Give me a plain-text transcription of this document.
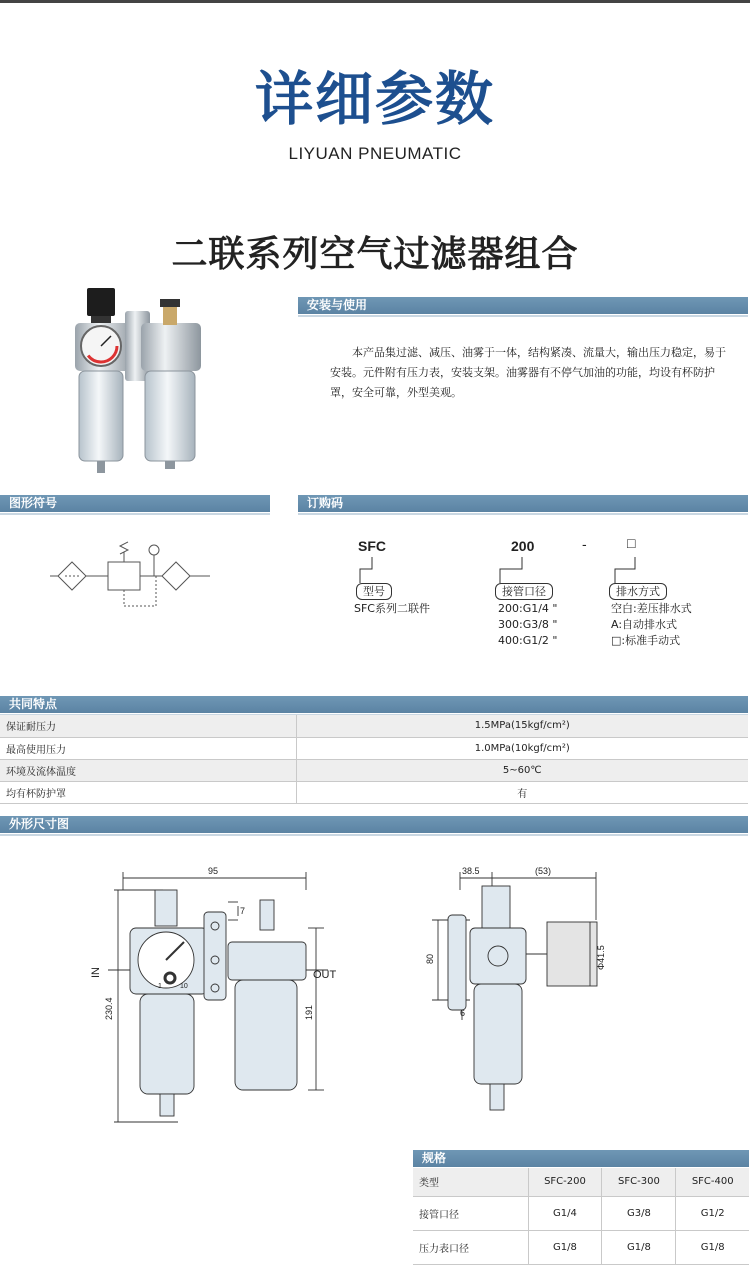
详细参数
LIYUAN PNEUMATIC
二联系列空气过滤器组合
安装与使用
本产品集过滤、减压、油雾于一体，结构紧凑、流量大，输出压力稳定，易于安装。元件附有压力表，安装支架。油雾器有不停气加油的功能，均设有杯防护罩，安全可靠，外型美观。
图形符号	订购码
SFC	200	-	□
型号
SFC系列二联件
接管口径
200:G1/4 "
300:G3/8 "
400:G1/2 "
排水方式
空白:差压排水式
A:自动排水式
□:标准手动式
共同特点
保证耐压力	1.5MPa(15kgf/cm²)
最高使用压力	1.0MPa(10kgf/cm²)
环境及流体温度	5~60℃
均有杯防护罩	有
外形尺寸图
95
7
230.4	191
IN	OUT
1	10
38.5	(53)
80
6
Φ41.5
规格
类型	SFC-200	SFC-300	SFC-400
接管口径	G1/4	G3/8	G1/2
压力表口径	G1/8	G1/8	G1/8
